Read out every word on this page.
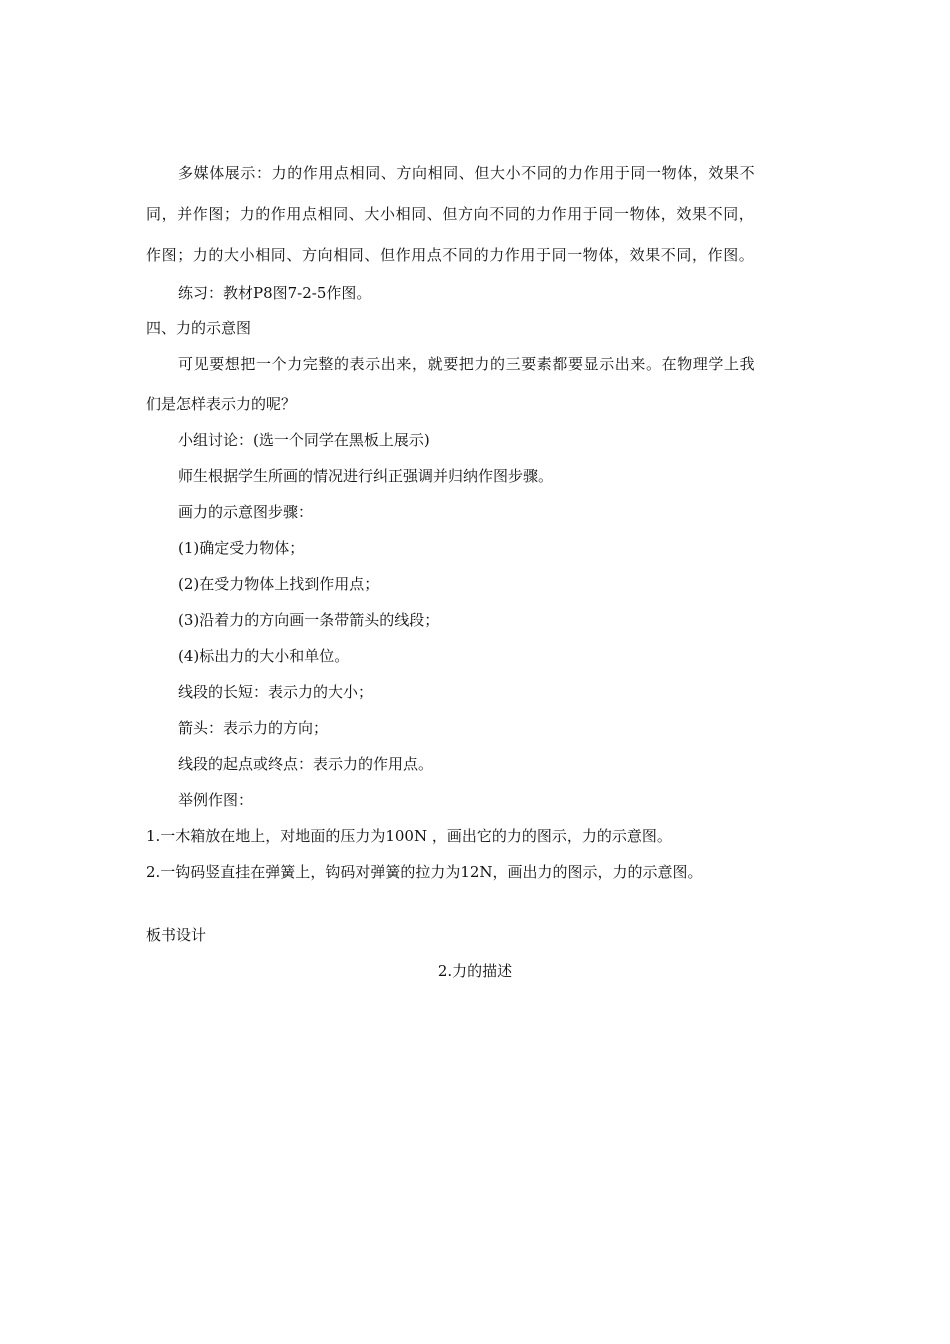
多媒体展示：力的作用点相同、方向相同、但大小不同的力作用于同一物体，效果不
同，并作图；力的作用点相同、大小相同、但方向不同的力作用于同一物体，效果不同，
作图；力的大小相同、方向相同、但作用点不同的力作用于同一物体，效果不同，作图。
练习：教材P8图7-2-5作图。
四、力的示意图
可见要想把一个力完整的表示出来，就要把力的三要素都要显示出来。在物理学上我
们是怎样表示力的呢？
小组讨论：(选一个同学在黑板上展示)
师生根据学生所画的情况进行纠正强调并归纳作图步骤。
画力的示意图步骤：
(1)确定受力物体；
(2)在受力物体上找到作用点；
(3)沿着力的方向画一条带箭头的线段；
(4)标出力的大小和单位。
线段的长短：表示力的大小；
箭头：表示力的方向；
线段的起点或终点：表示力的作用点。
举例作图：
1.一木箱放在地上，对地面的压力为100N ，画出它的力的图示，力的示意图。
2.一钩码竖直挂在弹簧上，钩码对弹簧的拉力为12N，画出力的图示，力的示意图。
板书设计
2.力的描述
